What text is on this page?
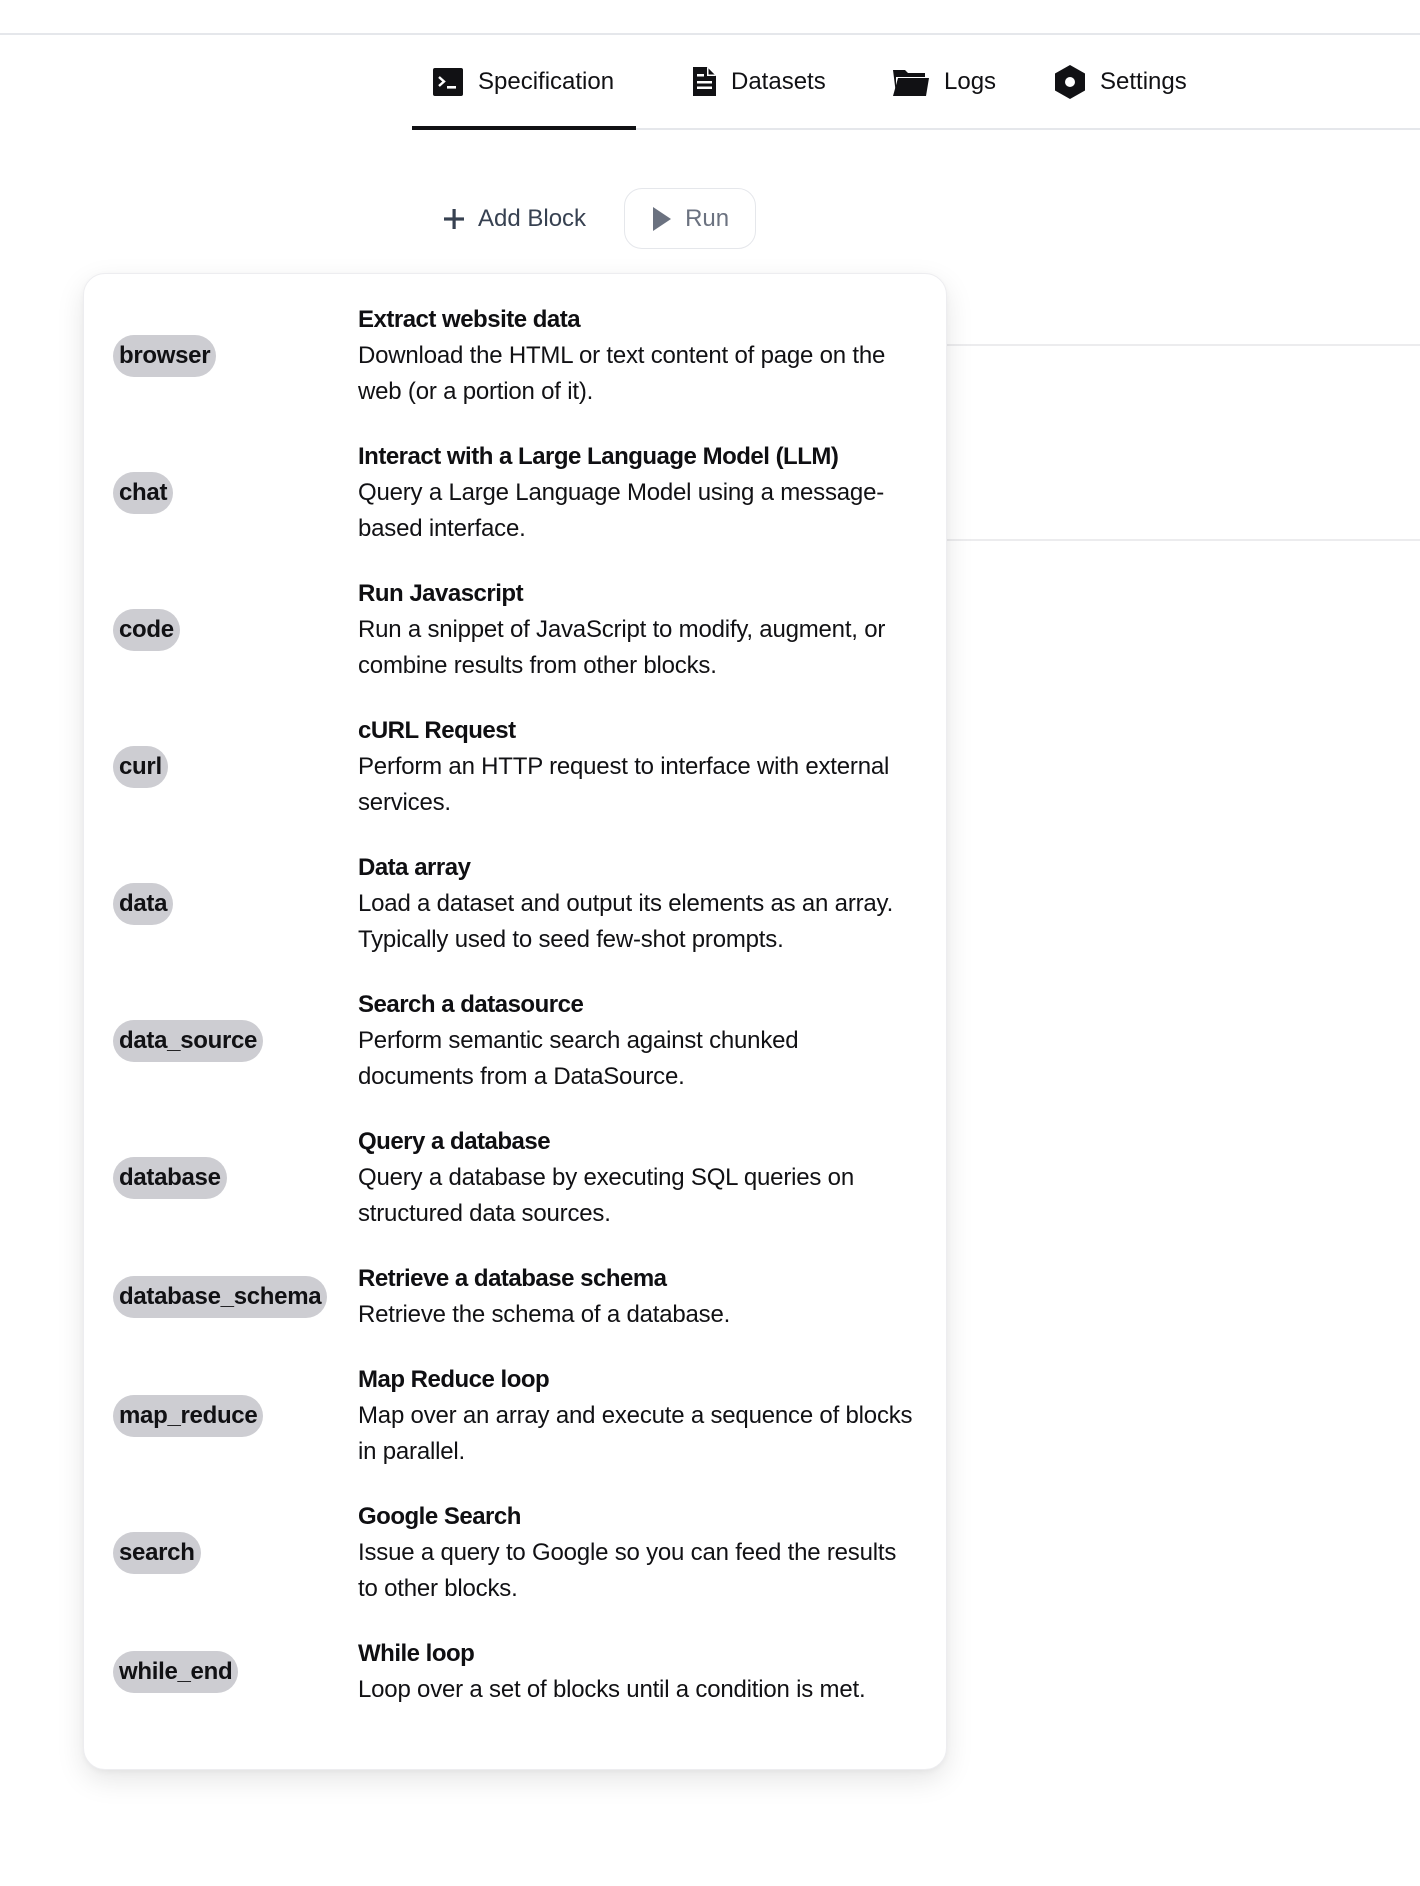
Specification	Datasets	Logs	Settings
Add Block	Run
browser
Extract website data
Download the HTML or text content of page on the web (or a portion of it).
chat
Interact with a Large Language Model (LLM)
Query a Large Language Model using a message-based interface.
code
Run Javascript
Run a snippet of JavaScript to modify, augment, or combine results from other blocks.
curl
cURL Request
Perform an HTTP request to interface with external services.
data
Data array
Load a dataset and output its elements as an array. Typically used to seed few-shot prompts.
data_source
Search a datasource
Perform semantic search against chunked documents from a DataSource.
database
Query a database
Query a database by executing SQL queries on structured data sources.
database_schema
Retrieve a database schema
Retrieve the schema of a database.
map_reduce
Map Reduce loop
Map over an array and execute a sequence of blocks in parallel.
search
Google Search
Issue a query to Google so you can feed the results to other blocks.
while_end
While loop
Loop over a set of blocks until a condition is met.
